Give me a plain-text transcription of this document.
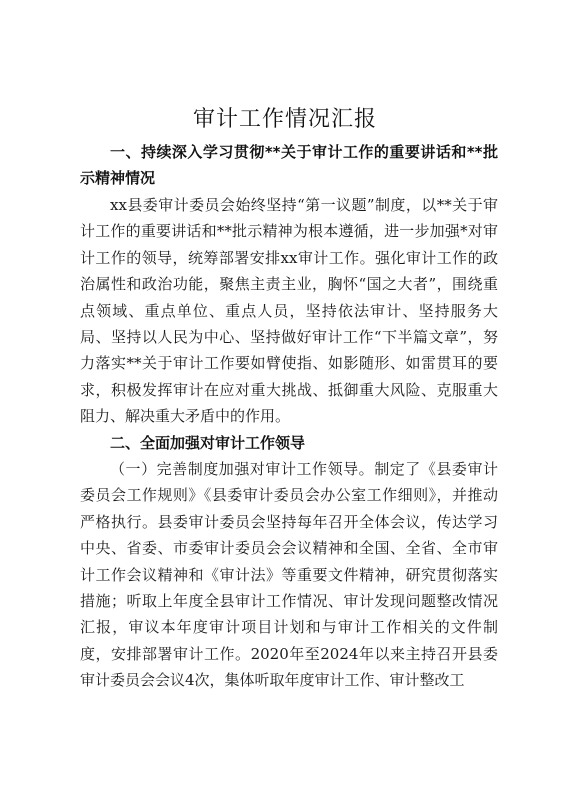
审计工作情况汇报

一、持续深入学习贯彻**关于审计工作的重要讲话和**批示精神情况

xx县委审计委员会始终坚持“第一议题”制度，以**关于审计工作的重要讲话和**批示精神为根本遵循，进一步加强*对审计工作的领导，统筹部署安排xx审计工作。强化审计工作的政治属性和政治功能，聚焦主责主业，胸怀“国之大者”，围绕重点领域、重点单位、重点人员，坚持依法审计、坚持服务大局、坚持以人民为中心、坚持做好审计工作“下半篇文章”，努力落实**关于审计工作要如臂使指、如影随形、如雷贯耳的要求，积极发挥审计在应对重大挑战、抵御重大风险、克服重大阻力、解决重大矛盾中的作用。

二、全面加强对审计工作领导

（一）完善制度加强对审计工作领导。制定了《县委审计委员会工作规则》《县委审计委员会办公室工作细则》，并推动严格执行。县委审计委员会坚持每年召开全体会议，传达学习中央、省委、市委审计委员会会议精神和全国、全省、全市审计工作会议精神和《审计法》等重要文件精神，研究贯彻落实措施；听取上年度全县审计工作情况、审计发现问题整改情况汇报，审议本年度审计项目计划和与审计工作相关的文件制度，安排部署审计工作。2020年至2024年以来主持召开县委审计委员会会议4次，集体听取年度审计工作、审计整改工
